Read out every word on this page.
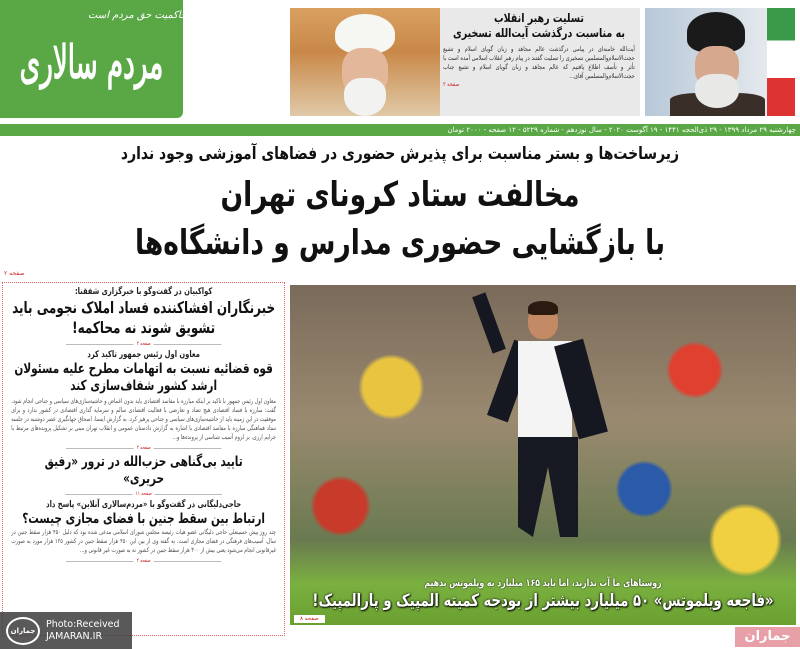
حاکمیت حق مردم است
مردم سالاری
تسلیت رهبر انقلاب
به مناسبت درگذشت آیت‌الله تسخیری
آیت‌الله خامنه‌ای در پیامی درگذشت عالم مجاهد و زبان گویای اسلام و تشیع حجت‌الاسلام‌والمسلمین تسخیری را تسلیت گفتند در پیام رهبر انقلاب اسلامی آمده است با تأثر و تأسف اطلاع یافتیم که عالم مجاهد و زبان گویای اسلام و تشیع جناب حجت‌الاسلام‌والمسلمین آقای...
صفحه ۲
چهارشنبه ۲۹ مرداد ۱۳۹۹ - ۲۹ ذی‌الحجه ۱۴۴۱ - ۱۹ آگوست ۲۰۲۰ - سال نوزدهم - شماره ۵۲۲۹ - ۱۲ صفحه - ۲۰۰۰ تومان
زیرساخت‌ها و بستر مناسبت برای پذیرش حضوری در فضاهای آموزشی وجود ندارد
مخالفت ستاد کرونای تهران
با بازگشایی حضوری مدارس و دانشگاه‌ها
صفحه ۲
کواکبیان در گفت‌وگو با خبرگزاری شفقنا:
خبرنگاران افشاکننده فساد املاک نجومی باید تشویق شوند نه محاکمه!
صفحه ۲
معاون اول رئیس جمهور تاکید کرد
قوه قضائیه نسبت به اتهامات مطرح علیه مسئولان ارشد کشور شفاف‌سازی کند
معاون اول رئیس جمهور با تاکید بر اینکه مبارزه با مفاسد اقتصادی باید بدون اغماض و حاشیه‌سازی‌های سیاسی و جناحی انجام شود، گفت: مبارزه با فساد اقتصادی هیچ تضاد و تعارضی با فعالیت اقتصادی سالم و سرمایه گذاری اقتصادی در کشور ندارد و برای موفقیت در این زمینه باید از حاشیه‌سازی‌های سیاسی و جناحی پرهیز کرد. به گزارش ایسنا، اسحاق جهانگیری عصر دوشنبه در جلسه ستاد هماهنگی مبارزه با مفاسد اقتصادی با اشاره به گزارش دادستان عمومی و انقلاب تهران مبنی بر تشکیل پرونده‌های مرتبط با جرایم ارزی، بر لزوم آسیب شناسی از پرونده‌ها و...
صفحه ۲
تایید بی‌گناهی حزب‌الله در ترور «رفیق حریری»
صفحه ۱۱
حاجی‌دلیگانی در گفت‌وگو با «مردم‌سالاری آنلاین» پاسخ داد
ارتباط بین سقط جنین با فضای مجازی چیست؟
چند روز پیش حسینعلی حاجی دلیگانی عضو هیات رئیسه مجلس شورای اسلامی مدعی شده بود که دلیل ۴۵۰ هزار سقط جنین در سال، آسیب‌های فرهنگی در فضای مجازی است. به گفته وی از بین این ۴۵۰ هزار سقط جنین در کشور ۱۲۵ هزار مورد به صورت غیرقانونی انجام می‌شود یعنی بیش از ۳۰۰ هزار سقط جنین در کشور نه به صورت غیر قانونی و...
صفحه ۲
روستاهای ما آب ندارند، اما باید ۱۶۵ میلیارد به ویلموتس بدهیم
«فاجعه ویلموتس» ۵۰ میلیارد بیشتر از بودجه کمیته المپیک و پارالمپیک!
صفحه ۸
جماران
Photo:Received
JAMARAN.IR	جماران
